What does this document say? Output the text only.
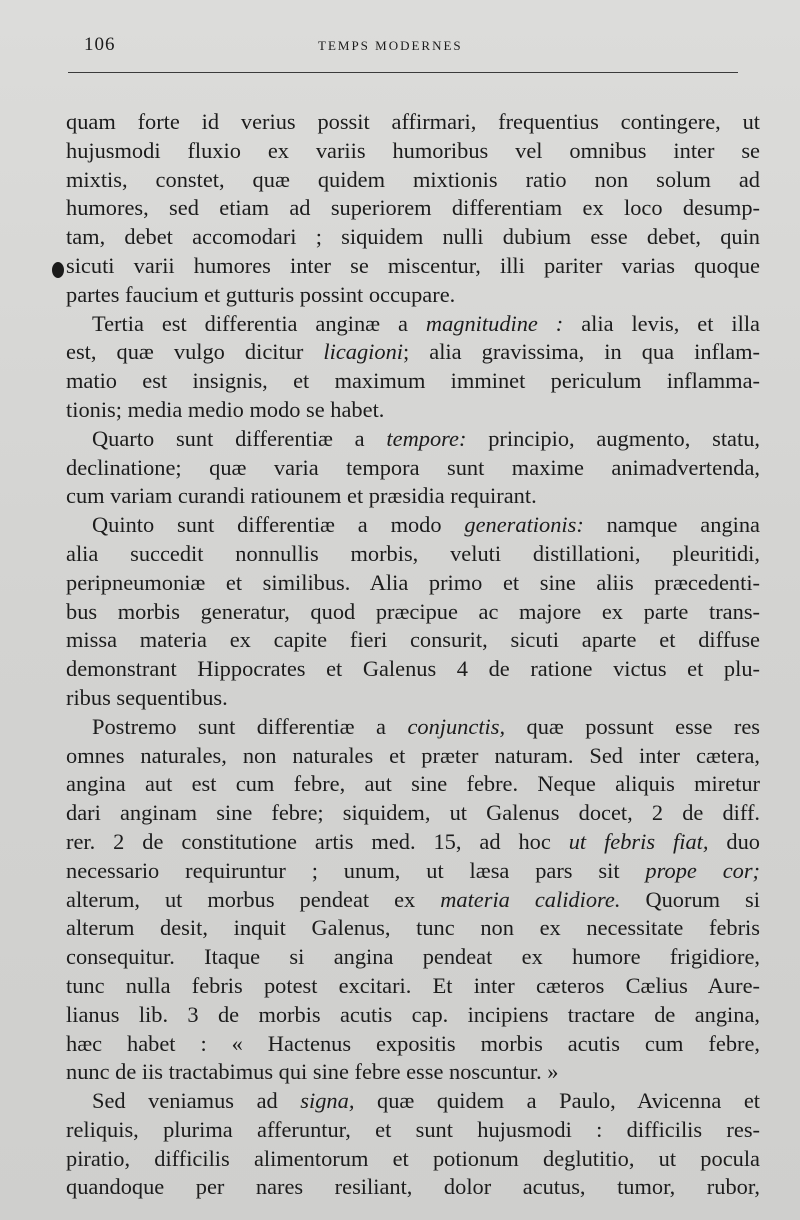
106	TEMPS MODERNES
quam forte id verius possit affirmari, frequentius contingere, ut
hujusmodi fluxio ex variis humoribus vel omnibus inter se
mixtis, constet, quæ quidem mixtionis ratio non solum ad
humores, sed etiam ad superiorem differentiam ex loco desump-
tam, debet accomodari ; siquidem nulli dubium esse debet, quin
sicuti varii humores inter se miscentur, illi pariter varias quoque
partes faucium et gutturis possint occupare.
Tertia est differentia anginæ a magnitudine : alia levis, et illa
est, quæ vulgo dicitur licagioni; alia gravissima, in qua inflam-
matio est insignis, et maximum imminet periculum inflamma-
tionis; media medio modo se habet.
Quarto sunt differentiæ a tempore: principio, augmento, statu,
declinatione; quæ varia tempora sunt maxime animadvertenda,
cum variam curandi ratiounem et præsidia requirant.
Quinto sunt differentiæ a modo generationis: namque angina
alia succedit nonnullis morbis, veluti distillationi, pleuritidi,
peripneumoniæ et similibus. Alia primo et sine aliis præcedenti-
bus morbis generatur, quod præcipue ac majore ex parte trans-
missa materia ex capite fieri consurit, sicuti aparte et diffuse
demonstrant Hippocrates et Galenus 4 de ratione victus et plu-
ribus sequentibus.
Postremo sunt differentiæ a conjunctis, quæ possunt esse res
omnes naturales, non naturales et præter naturam. Sed inter cætera,
angina aut est cum febre, aut sine febre. Neque aliquis miretur
dari anginam sine febre; siquidem, ut Galenus docet, 2 de diff.
rer. 2 de constitutione artis med. 15, ad hoc ut febris fiat, duo
necessario requiruntur ; unum, ut læsa pars sit prope cor;
alterum, ut morbus pendeat ex materia calidiore. Quorum si
alterum desit, inquit Galenus, tunc non ex necessitate febris
consequitur. Itaque si angina pendeat ex humore frigidiore,
tunc nulla febris potest excitari. Et inter cæteros Cælius Aure-
lianus lib. 3 de morbis acutis cap. incipiens tractare de angina,
hæc habet : « Hactenus expositis morbis acutis cum febre,
nunc de iis tractabimus qui sine febre esse noscuntur. »
Sed veniamus ad signa, quæ quidem a Paulo, Avicenna et
reliquis, plurima afferuntur, et sunt hujusmodi : difficilis res-
piratio, difficilis alimentorum et potionum deglutitio, ut pocula
quandoque per nares resiliant, dolor acutus, tumor, rubor,
